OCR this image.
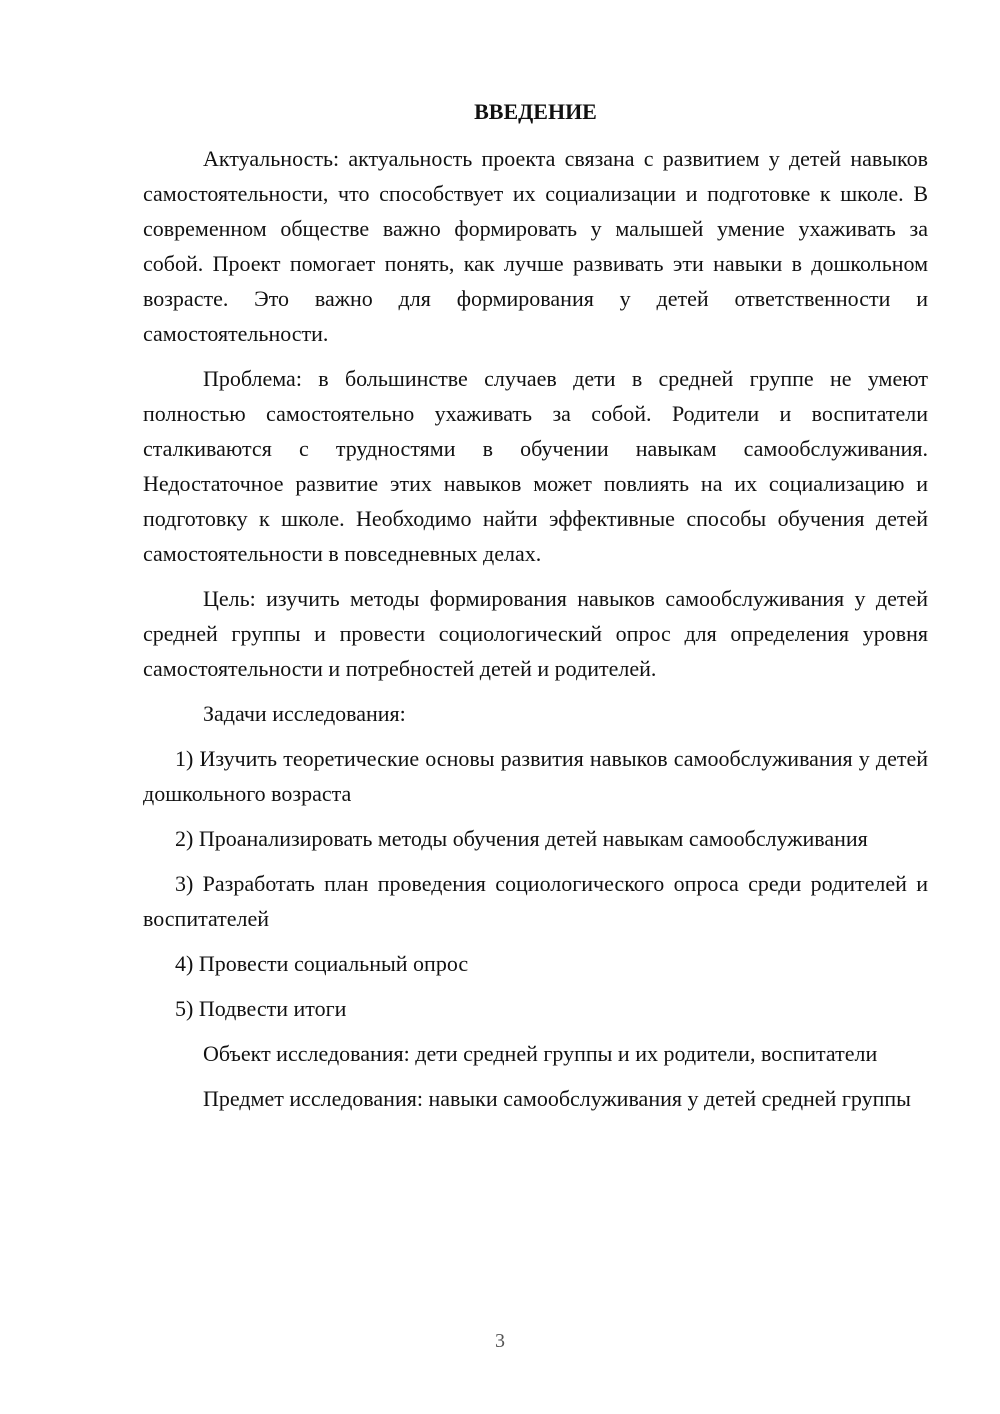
ВВЕДЕНИЕ

Актуальность: актуальность проекта связана с развитием у детей навыков самостоятельности, что способствует их социализации и подготовке к школе. В современном обществе важно формировать у малышей умение ухаживать за собой. Проект помогает понять, как лучше развивать эти навыки в дошкольном возрасте. Это важно для формирования у детей ответственности и самостоятельности.

Проблема: в большинстве случаев дети в средней группе не умеют полностью самостоятельно ухаживать за собой. Родители и воспитатели сталкиваются с трудностями в обучении навыкам самообслуживания. Недостаточное развитие этих навыков может повлиять на их социализацию и подготовку к школе. Необходимо найти эффективные способы обучения детей самостоятельности в повседневных делах.

Цель: изучить методы формирования навыков самообслуживания у детей средней группы и провести социологический опрос для определения уровня самостоятельности и потребностей детей и родителей.

Задачи исследования:

1) Изучить теоретические основы развития навыков самообслуживания у детей дошкольного возраста

2) Проанализировать методы обучения детей навыкам самообслуживания

3) Разработать план проведения социологического опроса среди родителей и воспитателей

4) Провести социальный опрос

5) Подвести итоги

Объект исследования: дети средней группы и их родители, воспитатели

Предмет исследования: навыки самообслуживания у детей средней группы

3
